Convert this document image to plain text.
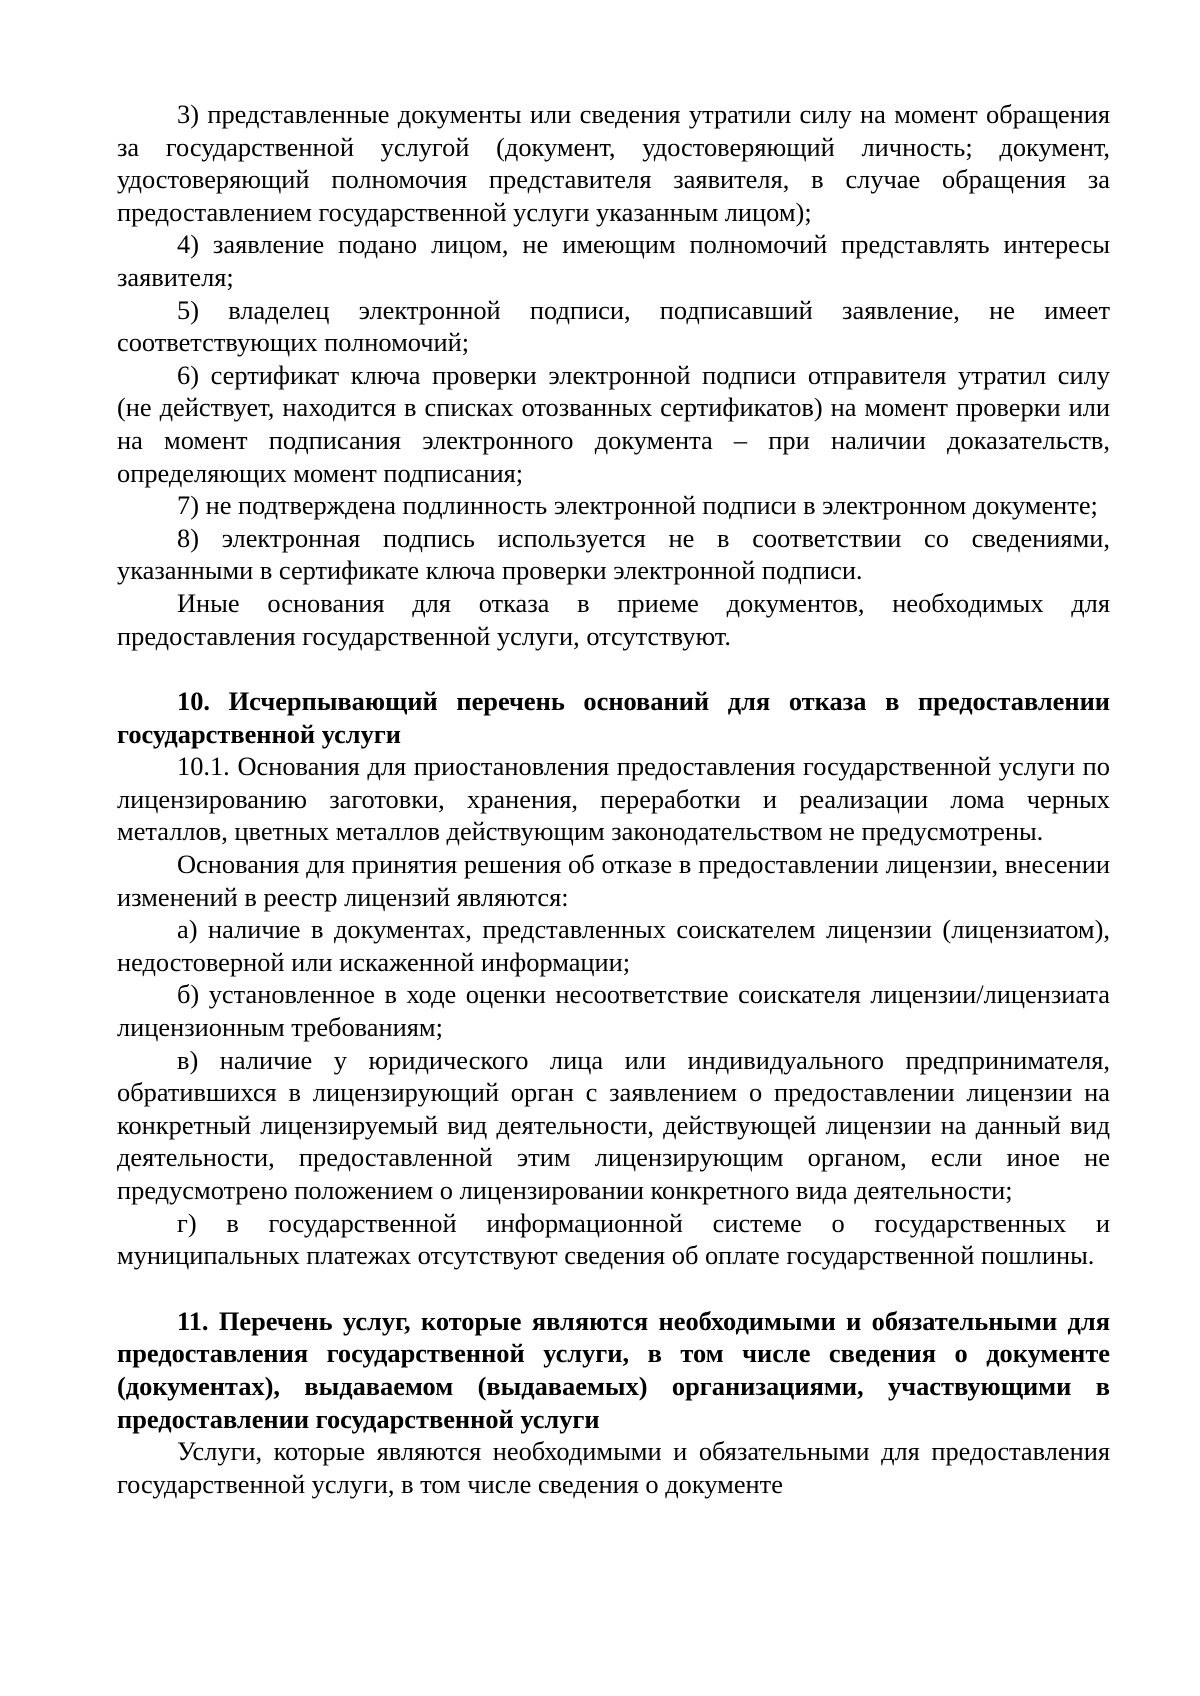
3) представленные документы или сведения утратили силу на момент обращения за государственной услугой (документ, удостоверяющий личность; документ, удостоверяющий полномочия представителя заявителя, в случае обращения за предоставлением государственной услуги указанным лицом);

4) заявление подано лицом, не имеющим полномочий представлять интересы заявителя;

5) владелец электронной подписи, подписавший заявление, не имеет соответствующих полномочий;

6) сертификат ключа проверки электронной подписи отправителя утратил силу (не действует, находится в списках отозванных сертификатов) на момент проверки или на момент подписания электронного документа – при наличии доказательств, определяющих момент подписания;

7) не подтверждена подлинность электронной подписи в электронном документе;

8) электронная подпись используется не в соответствии со сведениями, указанными в сертификате ключа проверки электронной подписи.

Иные основания для отказа в приеме документов, необходимых для предоставления государственной услуги, отсутствуют.

10. Исчерпывающий перечень оснований для отказа в предоставлении государственной услуги

10.1. Основания для приостановления предоставления государственной услуги по лицензированию заготовки, хранения, переработки и реализации лома черных металлов, цветных металлов действующим законодательством не предусмотрены.

Основания для принятия решения об отказе в предоставлении лицензии, внесении изменений в реестр лицензий являются:

а) наличие в документах, представленных соискателем лицензии (лицензиатом), недостоверной или искаженной информации;

б) установленное в ходе оценки несоответствие соискателя лицензии/лицензиата лицензионным требованиям;

в) наличие у юридического лица или индивидуального предпринимателя, обратившихся в лицензирующий орган с заявлением о предоставлении лицензии на конкретный лицензируемый вид деятельности, действующей лицензии на данный вид деятельности, предоставленной этим лицензирующим органом, если иное не предусмотрено положением о лицензировании конкретного вида деятельности;

г) в государственной информационной системе о государственных и муниципальных платежах отсутствуют сведения об оплате государственной пошлины.

11. Перечень услуг, которые являются необходимыми и обязательными для предоставления государственной услуги, в том числе сведения о документе (документах), выдаваемом (выдаваемых) организациями, участвующими в предоставлении государственной услуги

Услуги, которые являются необходимыми и обязательными для предоставления государственной услуги, в том числе сведения о документе
